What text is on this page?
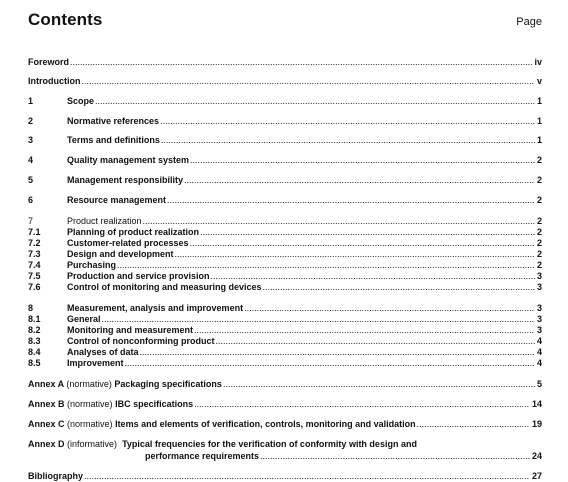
Contents	Page
Foreword .....	iv
Introduction .....	v
1	Scope .....	1
2	Normative references .....	1
3	Terms and definitions .....	1
4	Quality management system .....	2
5	Management responsibility .....	2
6	Resource management .....	2
7	Product realization .....	2
7.1	Planning of product realization .....	2
7.2	Customer-related processes .....	2
7.3	Design and development .....	2
7.4	Purchasing .....	2
7.5	Production and service provision .....	3
7.6	Control of monitoring and measuring devices .....	3
8	Measurement, analysis and improvement .....	3
8.1	General .....	3
8.2	Monitoring and measurement .....	3
8.3	Control of nonconforming product .....	4
8.4	Analyses of data .....	4
8.5	Improvement .....	4
Annex A (normative) Packaging specifications .....	5
Annex B (normative) IBC specifications .....	14
Annex C (normative) Items and elements of verification, controls, monitoring and validation .....	19
Annex D (informative) Typical frequencies for the verification of conformity with design and
performance requirements .....	24
Bibliography .....	27
